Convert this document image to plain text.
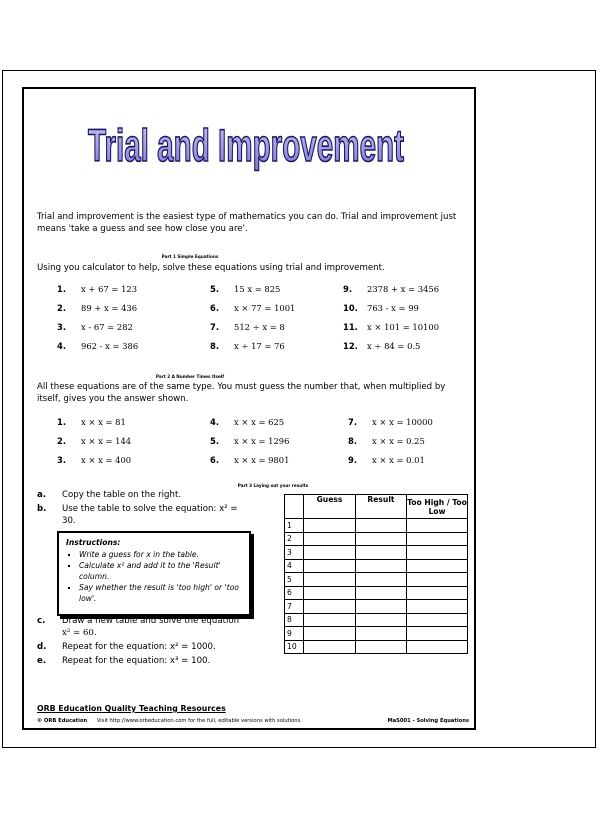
Trial and Improvement
Trial and improvement is the easiest type of mathematics you can do. Trial and improvement just means 'take a guess and see how close you are'.
Part 1 Simple Equations
Using you calculator to help, solve these equations using trial and improvement.
1. x + 67 = 123
2. 89 + x = 436
3. x - 67 = 282
4. 962 - x = 386
5. 15 x = 825
6. x × 77 = 1001
7. 512 ÷ x = 8
8. x ÷ 17 = 76
9. 2378 + x = 3456
10. 763 - x = 99
11. x × 101 = 10100
12. x ÷ 84 = 0.5
Part 2 A Number Times Itself
All these equations are of the same type. You must guess the number that, when multiplied by itself, gives you the answer shown.
1. x × x = 81
2. x × x = 144
3. x × x = 400
4. x × x = 625
5. x × x = 1296
6. x × x = 9801
7. x × x = 10000
8. x × x = 0.25
9. x × x = 0.01
Part 3 Laying out your results
a. Copy the table on the right.
b. Use the table to solve the equation: x² =
30.
c. Draw a new table and solve the equation
x² = 60.
d. Repeat for the equation: x² = 1000.
e. Repeat for the equation: x³ = 100.
Instructions:
▪ Write a guess for x in the table.
▪ Calculate x² and add it to the 'Result' column.
▪ Say whether the result is 'too high' or 'too low'.
	Guess	Result	Too High / Too Low
1			
2			
3			
4			
5			
6			
7			
8			
9			
10			
ORB Education Quality Teaching Resources
© ORB Education Visit http://www.orbeducation.com for the full, editable versions with solutions.	MaS001 - Solving Equations
